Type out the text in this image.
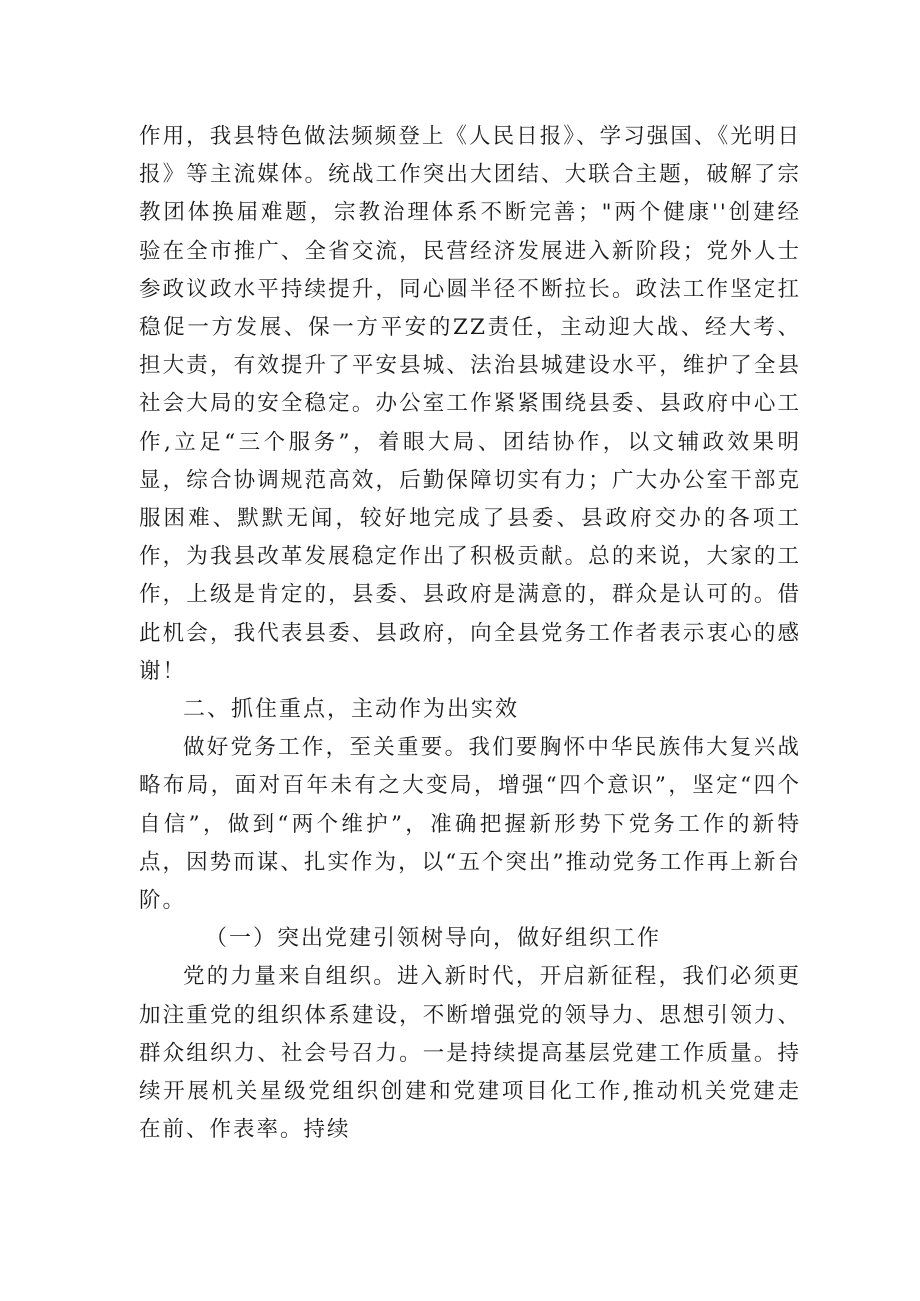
作用，我县特色做法频频登上《人民日报》、学习强国、《光明日报》等主流媒体。统战工作突出大团结、大联合主题，破解了宗教团体换届难题，宗教治理体系不断完善；"两个健康''创建经验在全市推广、全省交流，民营经济发展进入新阶段；党外人士参政议政水平持续提升，同心圆半径不断拉长。政法工作坚定扛稳促一方发展、保一方平安的ZZ责任，主动迎大战、经大考、担大责，有效提升了平安县城、法治县城建设水平，维护了全县社会大局的安全稳定。办公室工作紧紧围绕县委、县政府中心工作,立足“三个服务”，着眼大局、团结协作，以文辅政效果明显，综合协调规范高效，后勤保障切实有力；广大办公室干部克服困难、默默无闻，较好地完成了县委、县政府交办的各项工作，为我县改革发展稳定作出了积极贡献。总的来说，大家的工作，上级是肯定的，县委、县政府是满意的，群众是认可的。借此机会，我代表县委、县政府，向全县党务工作者表示衷心的感谢！

二、抓住重点，主动作为出实效

做好党务工作，至关重要。我们要胸怀中华民族伟大复兴战略布局，面对百年未有之大变局，增强“四个意识”，坚定“四个自信”，做到“两个维护”，准确把握新形势下党务工作的新特点，因势而谋、扎实作为，以“五个突出”推动党务工作再上新台阶。

（一）突出党建引领树导向，做好组织工作

党的力量来自组织。进入新时代，开启新征程，我们必须更加注重党的组织体系建设，不断增强党的领导力、思想引领力、群众组织力、社会号召力。一是持续提高基层党建工作质量。持续开展机关星级党组织创建和党建项目化工作,推动机关党建走在前、作表率。持续
